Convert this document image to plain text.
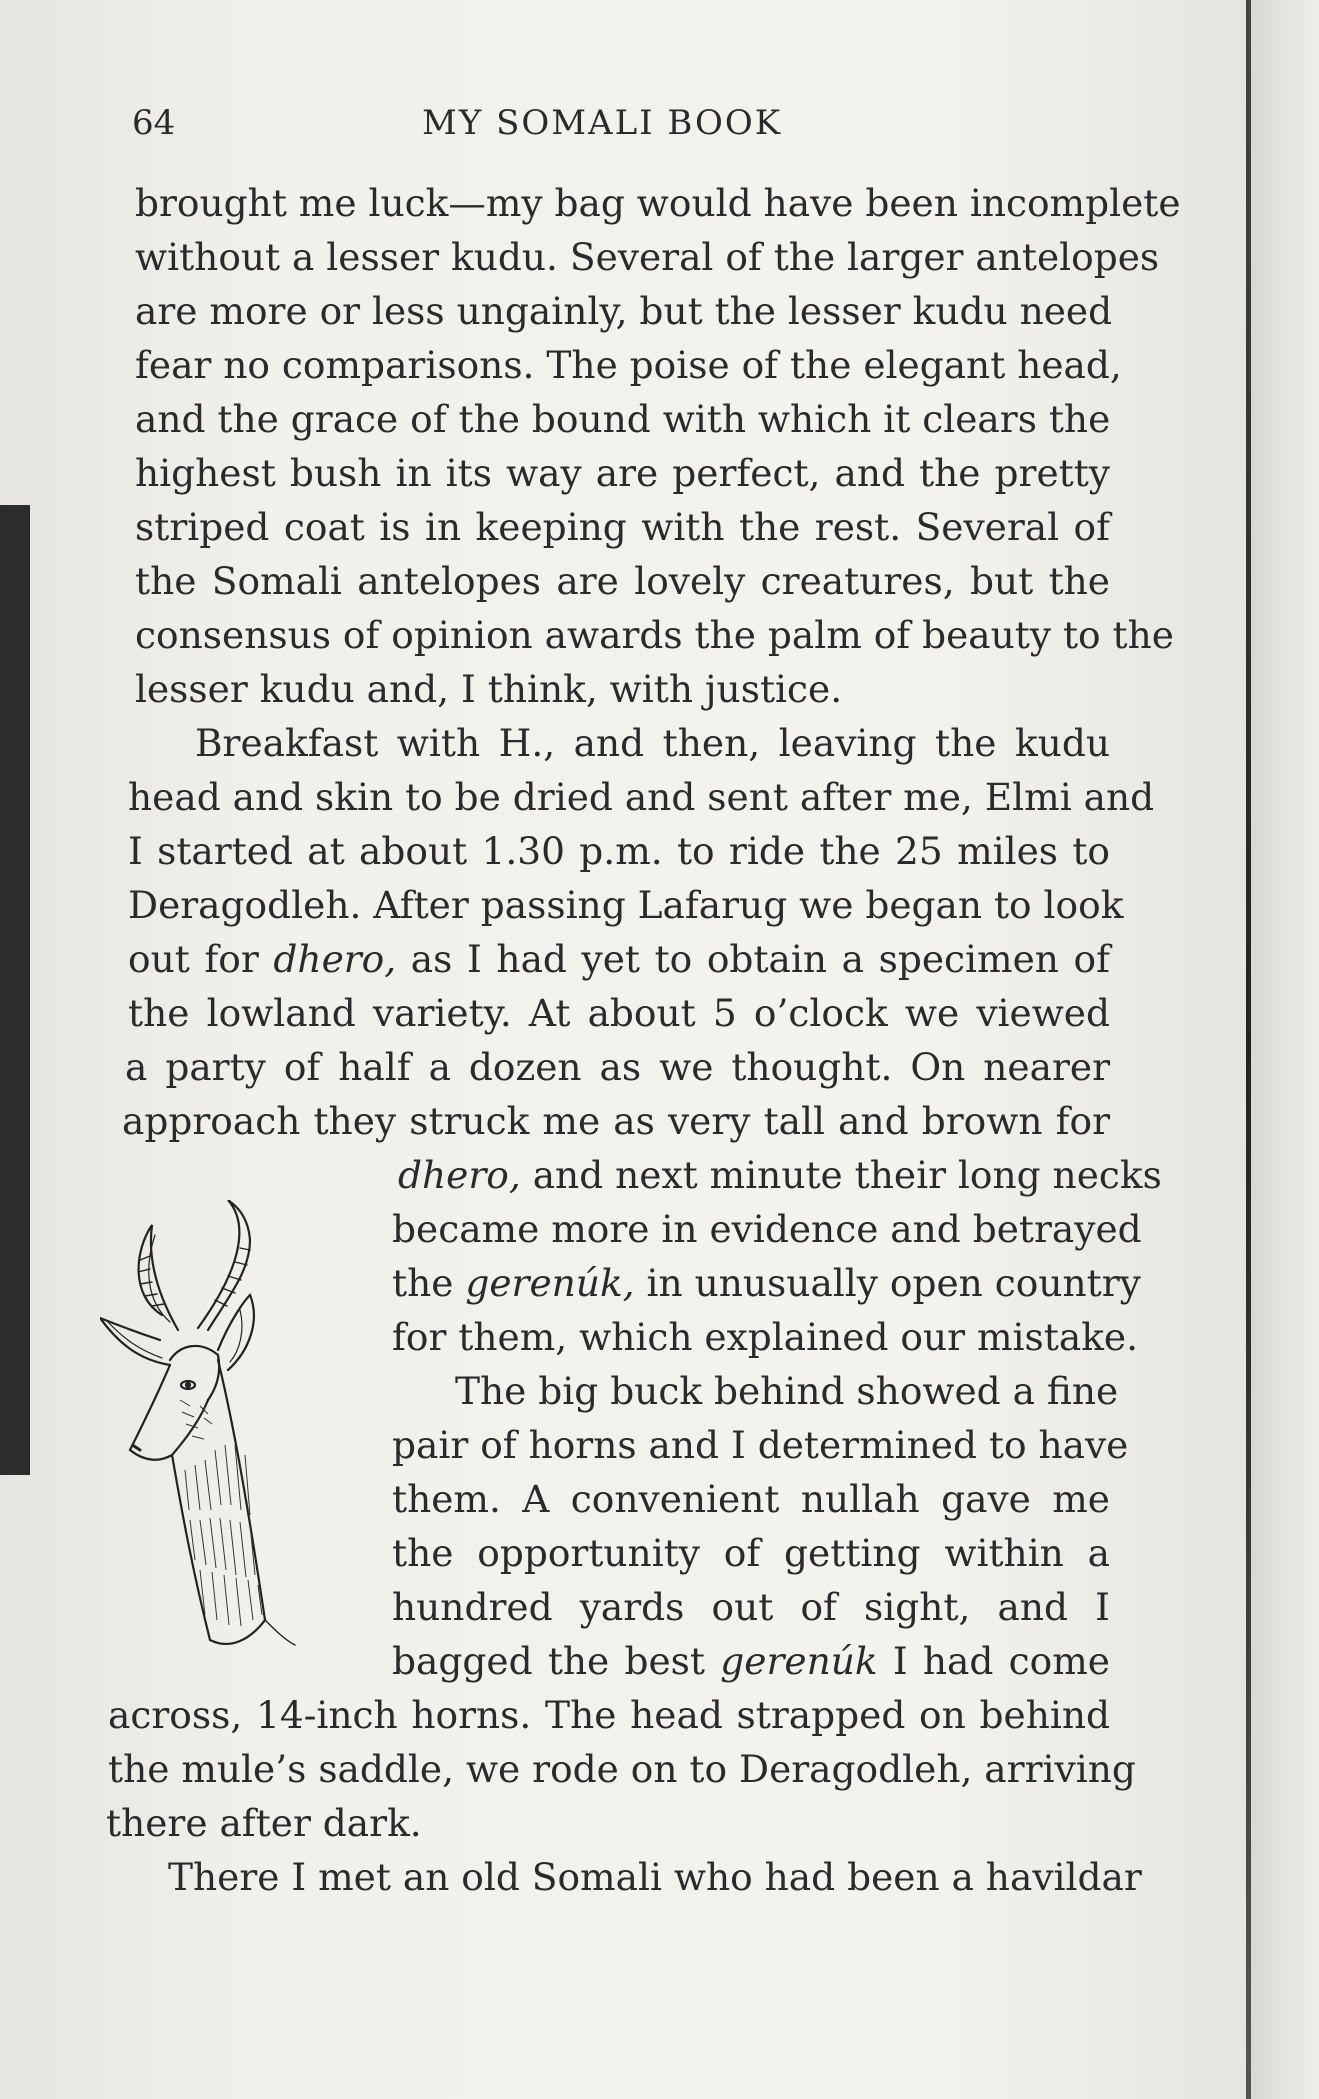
64	MY SOMALI BOOK
brought me luck—my bag would have been incomplete
without a lesser kudu. Several of the larger antelopes
are more or less ungainly, but the lesser kudu need
fear no comparisons. The poise of the elegant head,
and the grace of the bound with which it clears the
highest bush in its way are perfect, and the pretty
striped coat is in keeping with the rest. Several of
the Somali antelopes are lovely creatures, but the
consensus of opinion awards the palm of beauty to the
lesser kudu and, I think, with justice.
Breakfast with H., and then, leaving the kudu
head and skin to be dried and sent after me, Elmi and
I started at about 1.30 p.m. to ride the 25 miles to
Deragodleh. After passing Lafarug we began to look
out for dhero, as I had yet to obtain a specimen of
the lowland variety. At about 5 o’clock we viewed
a party of half a dozen as we thought. On nearer
approach they struck me as very tall and brown for
dhero, and next minute their long necks
became more in evidence and betrayed
the gerenúk, in unusually open country
for them, which explained our mistake.
The big buck behind showed a fine
pair of horns and I determined to have
them. A convenient nullah gave me
the opportunity of getting within a
hundred yards out of sight, and I
bagged the best gerenúk I had come
across, 14-inch horns. The head strapped on behind
the mule’s saddle, we rode on to Deragodleh, arriving
there after dark.
There I met an old Somali who had been a havildar
